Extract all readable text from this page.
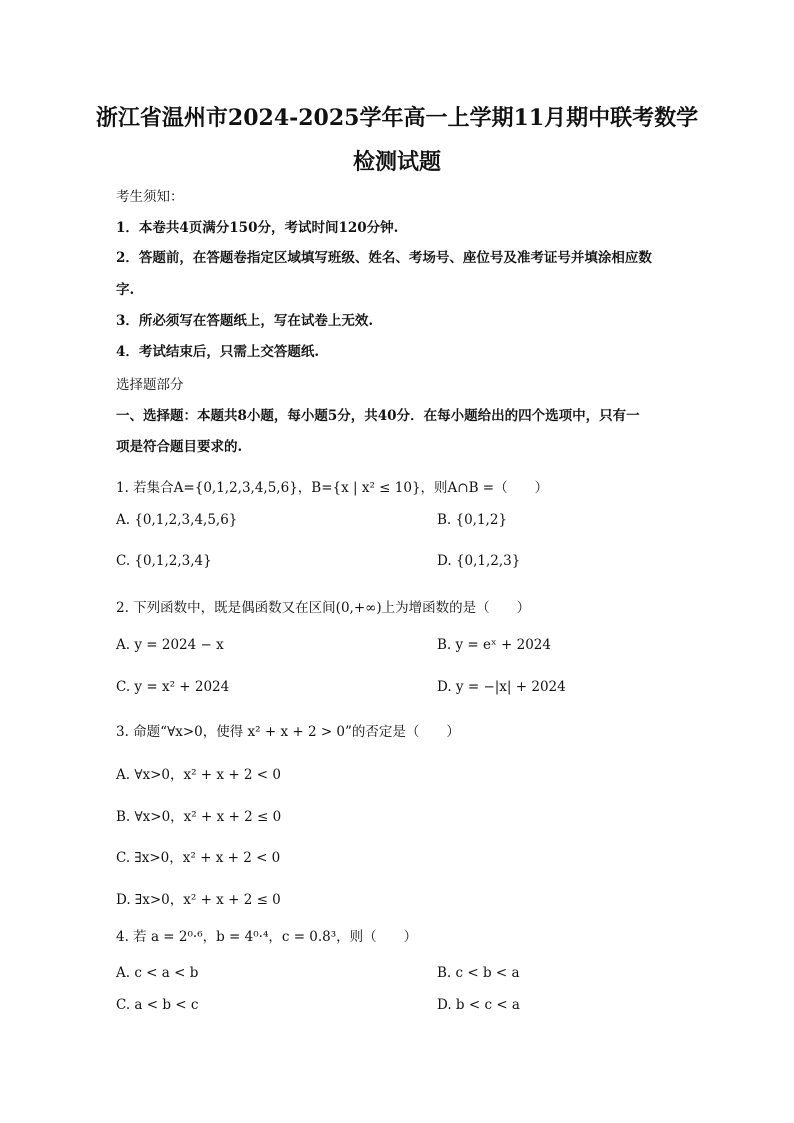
浙江省温州市2024-2025学年高一上学期11月期中联考数学
检测试题
考生须知：
1．本卷共4页满分150分，考试时间120分钟.
2．答题前，在答题卷指定区域填写班级、姓名、考场号、座位号及准考证号并填涂相应数
字.
3．所必须写在答题纸上，写在试卷上无效.
4．考试结束后，只需上交答题纸.
选择题部分
一、选择题：本题共8小题，每小题5分，共40分．在每小题给出的四个选项中，只有一
项是符合题目要求的.
1. 若集合A={0,1,2,3,4,5,6}，B={x | x² ≤ 10}，则A∩B =（　　）
A. {0,1,2,3,4,5,6}	B. {0,1,2}
C. {0,1,2,3,4}	D. {0,1,2,3}
2. 下列函数中，既是偶函数又在区间(0,+∞)上为增函数的是（　　）
A. y = 2024 − x	B. y = eˣ + 2024
C. y = x² + 2024	D. y = −|x| + 2024
3. 命题“∀x>0，使得 x² + x + 2 > 0”的否定是（　　）
A. ∀x>0，x² + x + 2 < 0
B. ∀x>0，x² + x + 2 ≤ 0
C. ∃x>0，x² + x + 2 < 0
D. ∃x>0，x² + x + 2 ≤ 0
4. 若 a = 2⁰·⁶，b = 4⁰·⁴，c = 0.8³，则（　　）
A. c < a < b	B. c < b < a
C. a < b < c	D. b < c < a
